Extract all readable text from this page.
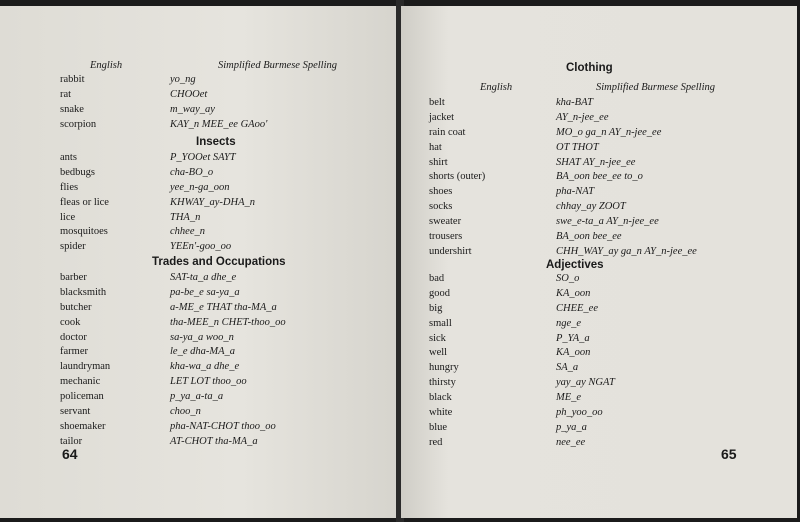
English	Simplified Burmese Spelling
rabbit	yo_ng
rat	CHOOet
snake	m_way_ay
scorpion	KAY_n MEE_ee GAoo'
Insects
ants	P_YOOet SAYT
bedbugs	cha-BO_o
flies	yee_n-ga_oon
fleas or lice	KHWAY_ay-DHA_n
lice	THA_n
mosquitoes	chhee_n
spider	YEEn'-goo_oo
Trades and Occupations
barber	SAT-ta_a dhe_e
blacksmith	pa-be_e sa-ya_a
butcher	a-ME_e THAT tha-MA_a
cook	tha-MEE_n CHET-thoo_oo
doctor	sa-ya_a woo_n
farmer	le_e dha-MA_a
laundryman	kha-wa_a dhe_e
mechanic	LET LOT thoo_oo
policeman	p_ya_a-ta_a
servant	choo_n
shoemaker	pha-NAT-CHOT thoo_oo
tailor	AT-CHOT tha-MA_a
64
Clothing
English	Simplified Burmese Spelling
belt	kha-BAT
jacket	AY_n-jee_ee
rain coat	MO_o ga_n AY_n-jee_ee
hat	OT THOT
shirt	SHAT AY_n-jee_ee
shorts (outer)	BA_oon bee_ee to_o
shoes	pha-NAT
socks	chhay_ay ZOOT
sweater	swe_e-ta_a AY_n-jee_ee
trousers	BA_oon bee_ee
undershirt	CHH_WAY_ay ga_n AY_n-jee_ee
Adjectives
bad	SO_o
good	KA_oon
big	CHEE_ee
small	nge_e
sick	P_YA_a
well	KA_oon
hungry	SA_a
thirsty	yay_ay NGAT
black	ME_e
white	ph_yoo_oo
blue	p_ya_a
red	nee_ee
65
